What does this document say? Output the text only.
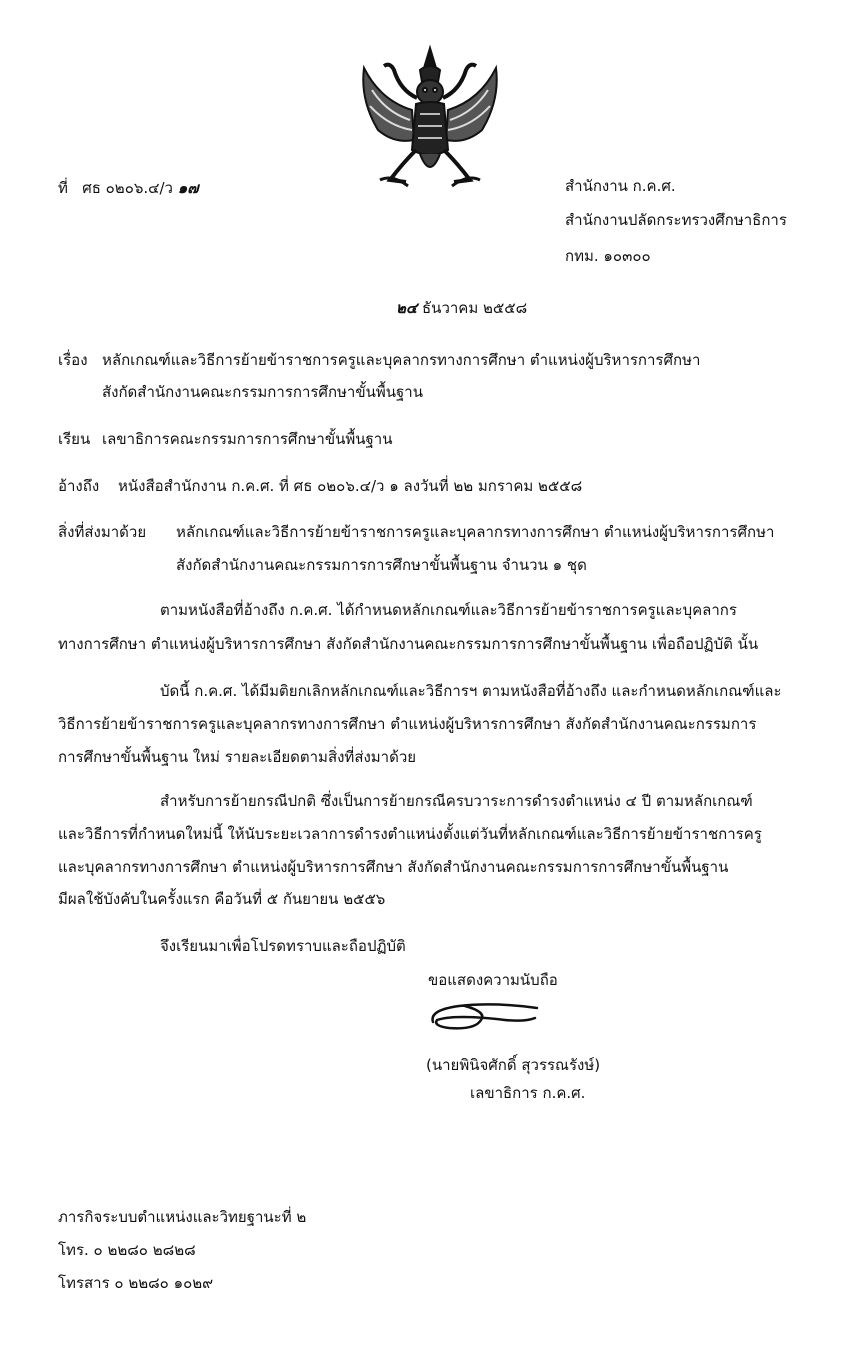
ที่ ศธ ๐๒๐๖.๔/ว ๑๗	สำนักงาน ก.ค.ศ.
สำนักงานปลัดกระทรวงศึกษาธิการ
กทม. ๑๐๓๐๐
๒๔ ธันวาคม ๒๕๕๘
เรื่อง หลักเกณฑ์และวิธีการย้ายข้าราชการครูและบุคลากรทางการศึกษา ตำแหน่งผู้บริหารการศึกษา
สังกัดสำนักงานคณะกรรมการการศึกษาขั้นพื้นฐาน
เรียน เลขาธิการคณะกรรมการการศึกษาขั้นพื้นฐาน
อ้างถึง หนังสือสำนักงาน ก.ค.ศ. ที่ ศธ ๐๒๐๖.๔/ว ๑ ลงวันที่ ๒๒ มกราคม ๒๕๕๘
สิ่งที่ส่งมาด้วย หลักเกณฑ์และวิธีการย้ายข้าราชการครูและบุคลากรทางการศึกษา ตำแหน่งผู้บริหารการศึกษา
สังกัดสำนักงานคณะกรรมการการศึกษาขั้นพื้นฐาน จำนวน ๑ ชุด
ตามหนังสือที่อ้างถึง ก.ค.ศ. ได้กำหนดหลักเกณฑ์และวิธีการย้ายข้าราชการครูและบุคลากร
ทางการศึกษา ตำแหน่งผู้บริหารการศึกษา สังกัดสำนักงานคณะกรรมการการศึกษาขั้นพื้นฐาน เพื่อถือปฏิบัติ นั้น
บัดนี้ ก.ค.ศ. ได้มีมติยกเลิกหลักเกณฑ์และวิธีการฯ ตามหนังสือที่อ้างถึง และกำหนดหลักเกณฑ์และ
วิธีการย้ายข้าราชการครูและบุคลากรทางการศึกษา ตำแหน่งผู้บริหารการศึกษา สังกัดสำนักงานคณะกรรมการ
การศึกษาขั้นพื้นฐาน ใหม่ รายละเอียดตามสิ่งที่ส่งมาด้วย
สำหรับการย้ายกรณีปกติ ซึ่งเป็นการย้ายกรณีครบวาระการดำรงตำแหน่ง ๔ ปี ตามหลักเกณฑ์
และวิธีการที่กำหนดใหม่นี้ ให้นับระยะเวลาการดำรงตำแหน่งตั้งแต่วันที่หลักเกณฑ์และวิธีการย้ายข้าราชการครู
และบุคลากรทางการศึกษา ตำแหน่งผู้บริหารการศึกษา สังกัดสำนักงานคณะกรรมการการศึกษาขั้นพื้นฐาน
มีผลใช้บังคับในครั้งแรก คือวันที่ ๕ กันยายน ๒๕๕๖
จึงเรียนมาเพื่อโปรดทราบและถือปฏิบัติ
ขอแสดงความนับถือ
(นายพินิจศักดิ์ สุวรรณรังษ์)
เลขาธิการ ก.ค.ศ.
ภารกิจระบบตำแหน่งและวิทยฐานะที่ ๒
โทร. ๐ ๒๒๘๐ ๒๘๒๘
โทรสาร ๐ ๒๒๘๐ ๑๐๒๙
